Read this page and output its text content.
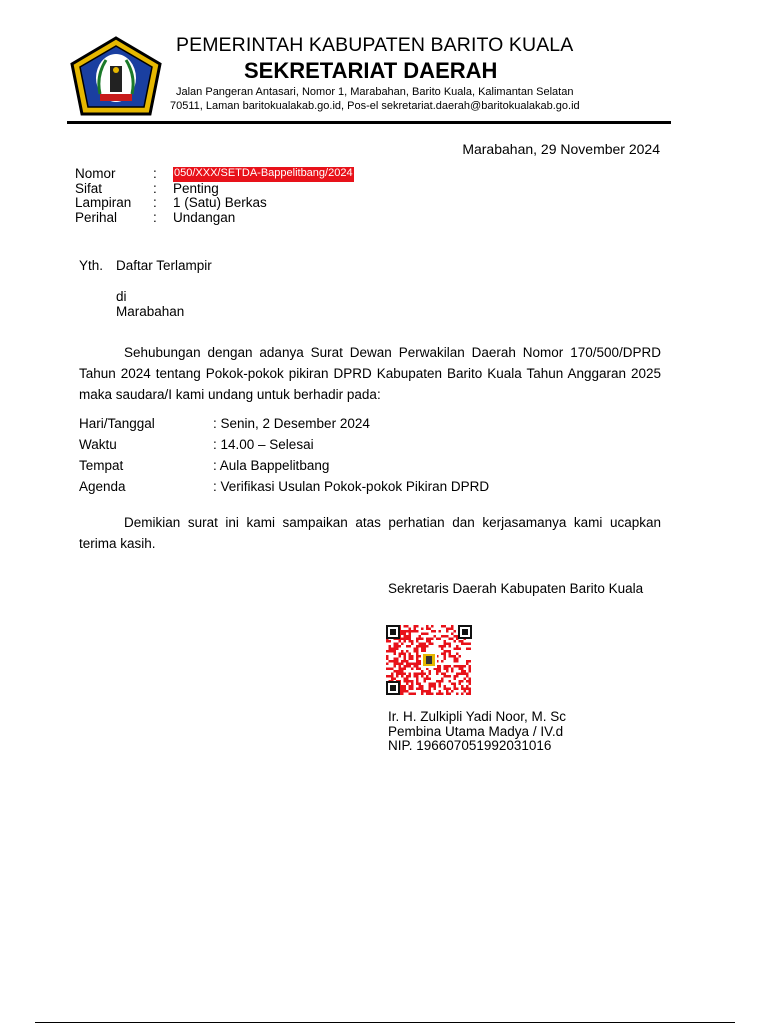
PEMERINTAH KABUPATEN BARITO KUALA
SEKRETARIAT DAERAH
Jalan Pangeran Antasari, Nomor 1, Marabahan, Barito Kuala, Kalimantan Selatan
70511, Laman baritokualakab.go.id, Pos-el sekretariat.daerah@baritokualakab.go.id
Marabahan, 29 November 2024
Nomor	:	050/XXX/SETDA-Bappelitbang/2024
Sifat	:	Penting
Lampiran	:	1 (Satu) Berkas
Perihal	:	Undangan
Yth. Daftar Terlampir
di
Marabahan
Sehubungan dengan adanya Surat Dewan Perwakilan Daerah Nomor 170/500/DPRD Tahun 2024 tentang Pokok-pokok pikiran DPRD Kabupaten Barito Kuala Tahun Anggaran 2025 maka saudara/I kami undang untuk berhadir pada:
Hari/Tanggal	: Senin, 2 Desember 2024
Waktu	: 14.00 – Selesai
Tempat	: Aula Bappelitbang
Agenda	: Verifikasi Usulan Pokok-pokok Pikiran DPRD
Demikian surat ini kami sampaikan atas perhatian dan kerjasamanya kami ucapkan terima kasih.
Sekretaris Daerah Kabupaten Barito Kuala
Ir. H. Zulkipli Yadi Noor, M. Sc
Pembina Utama Madya / IV.d
NIP. 196607051992031016
